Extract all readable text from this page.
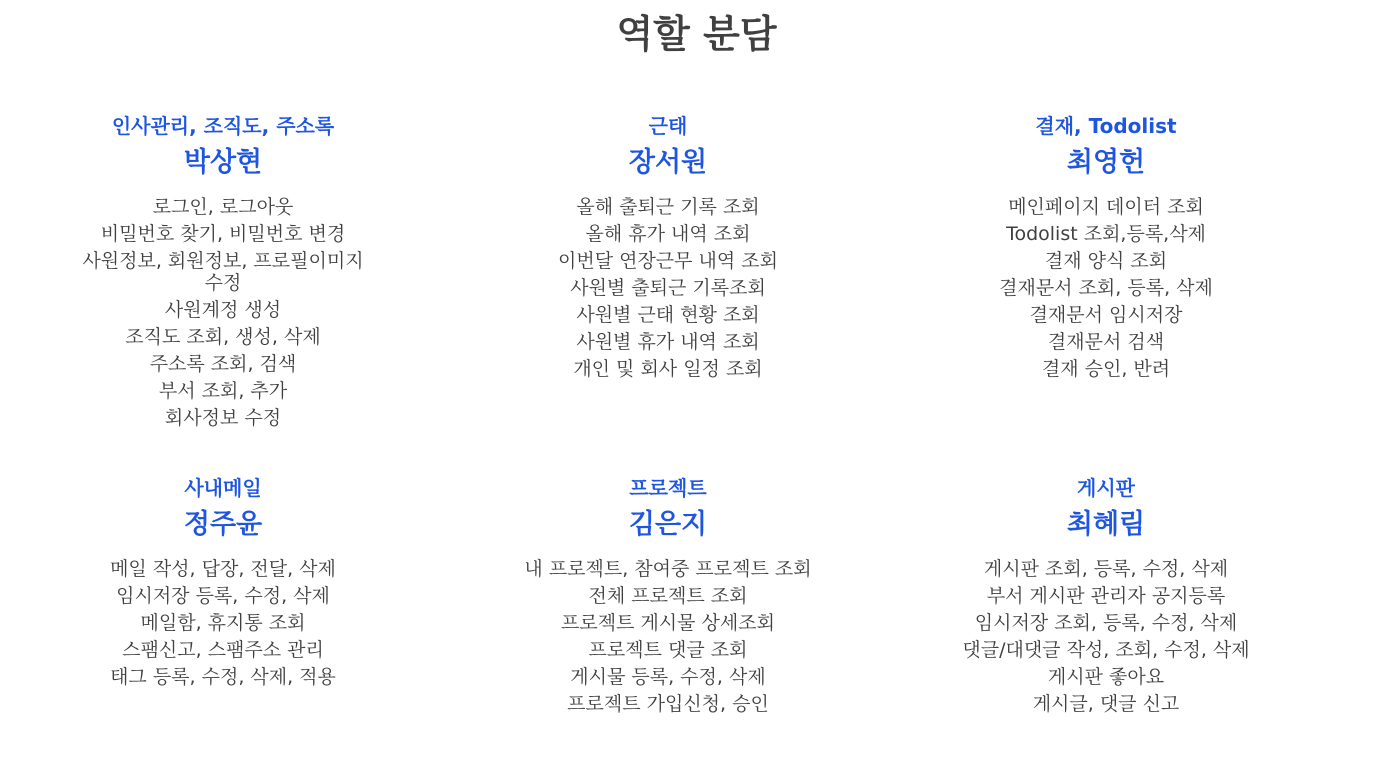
역할 분담
인사관리, 조직도, 주소록
박상현
로그인, 로그아웃
비밀번호 찾기, 비밀번호 변경
사원정보, 회원정보, 프로필이미지 수정
사원계정 생성
조직도 조회, 생성, 삭제
주소록 조회, 검색
부서 조회, 추가
회사정보 수정
근태
장서원
올해 출퇴근 기록 조회
올해 휴가 내역 조회
이번달 연장근무 내역 조회
사원별 출퇴근 기록조회
사원별 근태 현황 조회
사원별 휴가 내역 조회
개인 및 회사 일정 조회
결재, Todolist
최영헌
메인페이지 데이터 조회
Todolist 조회,등록,삭제
결재 양식 조회
결재문서 조회, 등록, 삭제
결재문서 임시저장
결재문서 검색
결재 승인, 반려
사내메일
정주윤
메일 작성, 답장, 전달, 삭제
임시저장 등록, 수정, 삭제
메일함, 휴지통 조회
스팸신고, 스팸주소 관리
태그 등록, 수정, 삭제, 적용
프로젝트
김은지
내 프로젝트, 참여중 프로젝트 조회
전체 프로젝트 조회
프로젝트 게시물 상세조회
프로젝트 댓글 조회
게시물 등록, 수정, 삭제
프로젝트 가입신청, 승인
게시판
최혜림
게시판 조회, 등록, 수정, 삭제
부서 게시판 관리자 공지등록
임시저장 조회, 등록, 수정, 삭제
댓글/대댓글 작성, 조회, 수정, 삭제
게시판 좋아요
게시글, 댓글 신고
